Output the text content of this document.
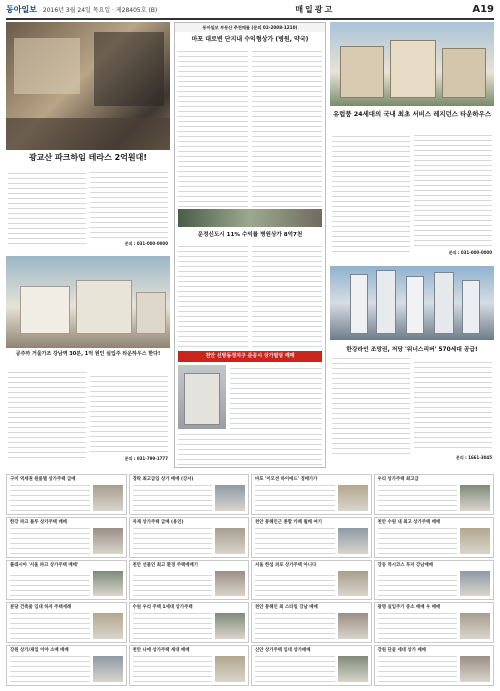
동아일보 2016년 3월 24일 목요일 · 제28405호 (B)	매일광고	A19
광교산 파크하임 테라스 2억원대!
문의 : 031-000-0000
공주까 거울가조 강남역 30분, 1억 원인 실입주 타운하우스 한다!
문의 : 031-799-1777
동아일보 부동산 추천매물 (문의 02-2008-1210)
마포 대로변 단지내 수익형상가 (병원, 약국)
운정신도시 11% 수익률 병원상가 8억7천
천안 신방동정지구 준공시 상가빌딩 매매
유럽풍 24세대의 국내 최초 서비스 레지던스 타운하우스
문의 : 031-000-0000
한강라인 조망권, 저당 '워너스리버' 570세대 공급!
문의 : 1661-3045
구미 역세권 원룸텔 상가주택 급매	경락 최고급입 상가 매매 (강서)	마포 '이모션 하이에드' 경매가가	우리 상가주택 최고급
한강 파크 블루 상가주택 매매	자재 상가주택 급매 (용인)	천안 통해인근 종합 카페 월매 여기	천안 수원 내 최고 상가주택 매매
플래시아 '서울 파크 상가주택 매매'	천안 선물인 최고 환경 주택매매기	서울 한섬 퍼포 상가주택 아니다	강동 역시코스 투자 강남매매
분당 건축물 임대 하자 주택세례	수원 우리 주택 1세대 상가주택	천안 통해인 최 스타일 강남 매매	광명 실입주가 중소 매매 우 매매
강원 상가/재입 이야 소매 매매	천안 나에 상가주택 세대 매매	신안 상가주택 임대 상가매매	강원 단골 세대 상가 매매
